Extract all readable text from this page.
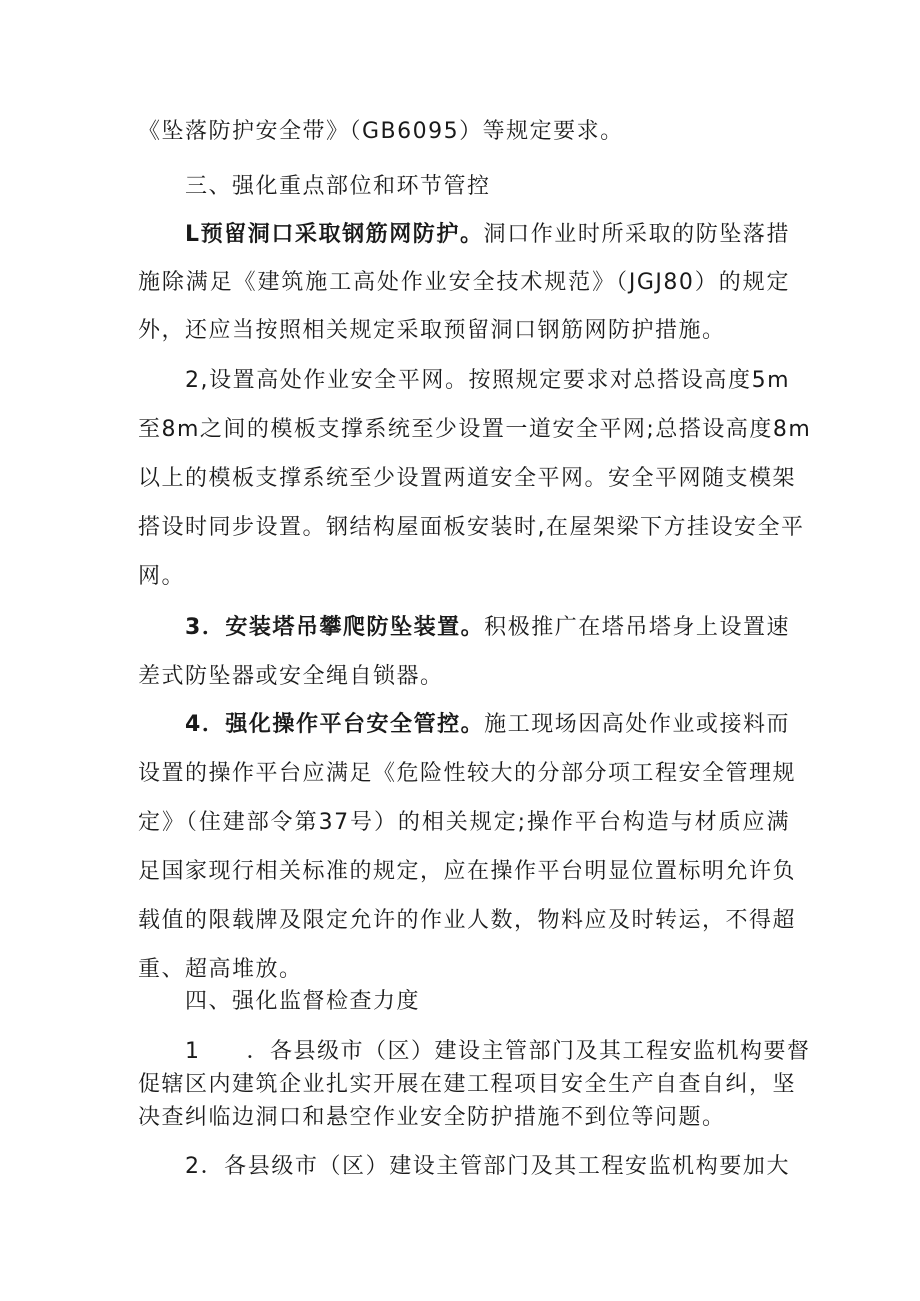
《坠落防护安全带》（GB6095）等规定要求。
三、强化重点部位和环节管控
L预留洞口采取钢筋网防护。洞口作业时所采取的防坠落措
施除满足《建筑施工高处作业安全技术规范》（JGJ80）的规定
外，还应当按照相关规定采取预留洞口钢筋网防护措施。
2,设置高处作业安全平网。按照规定要求对总搭设高度5m
至8m之间的模板支撑系统至少设置一道安全平网;总搭设高度8m
以上的模板支撑系统至少设置两道安全平网。安全平网随支模架
搭设时同步设置。钢结构屋面板安装时,在屋架梁下方挂设安全平
网。
3．安装塔吊攀爬防坠装置。积极推广在塔吊塔身上设置速
差式防坠器或安全绳自锁器。
4．强化操作平台安全管控。施工现场因高处作业或接料而
设置的操作平台应满足《危险性较大的分部分项工程安全管理规
定》（住建部令第37号）的相关规定;操作平台构造与材质应满
足国家现行相关标准的规定，应在操作平台明显位置标明允许负
载值的限载牌及限定允许的作业人数，物料应及时转运，不得超
重、超高堆放。
四、强化监督检查力度
1 ．各县级市（区）建设主管部门及其工程安监机构要督
促辖区内建筑企业扎实开展在建工程项目安全生产自查自纠，坚
决查纠临边洞口和悬空作业安全防护措施不到位等问题。
2．各县级市（区）建设主管部门及其工程安监机构要加大
